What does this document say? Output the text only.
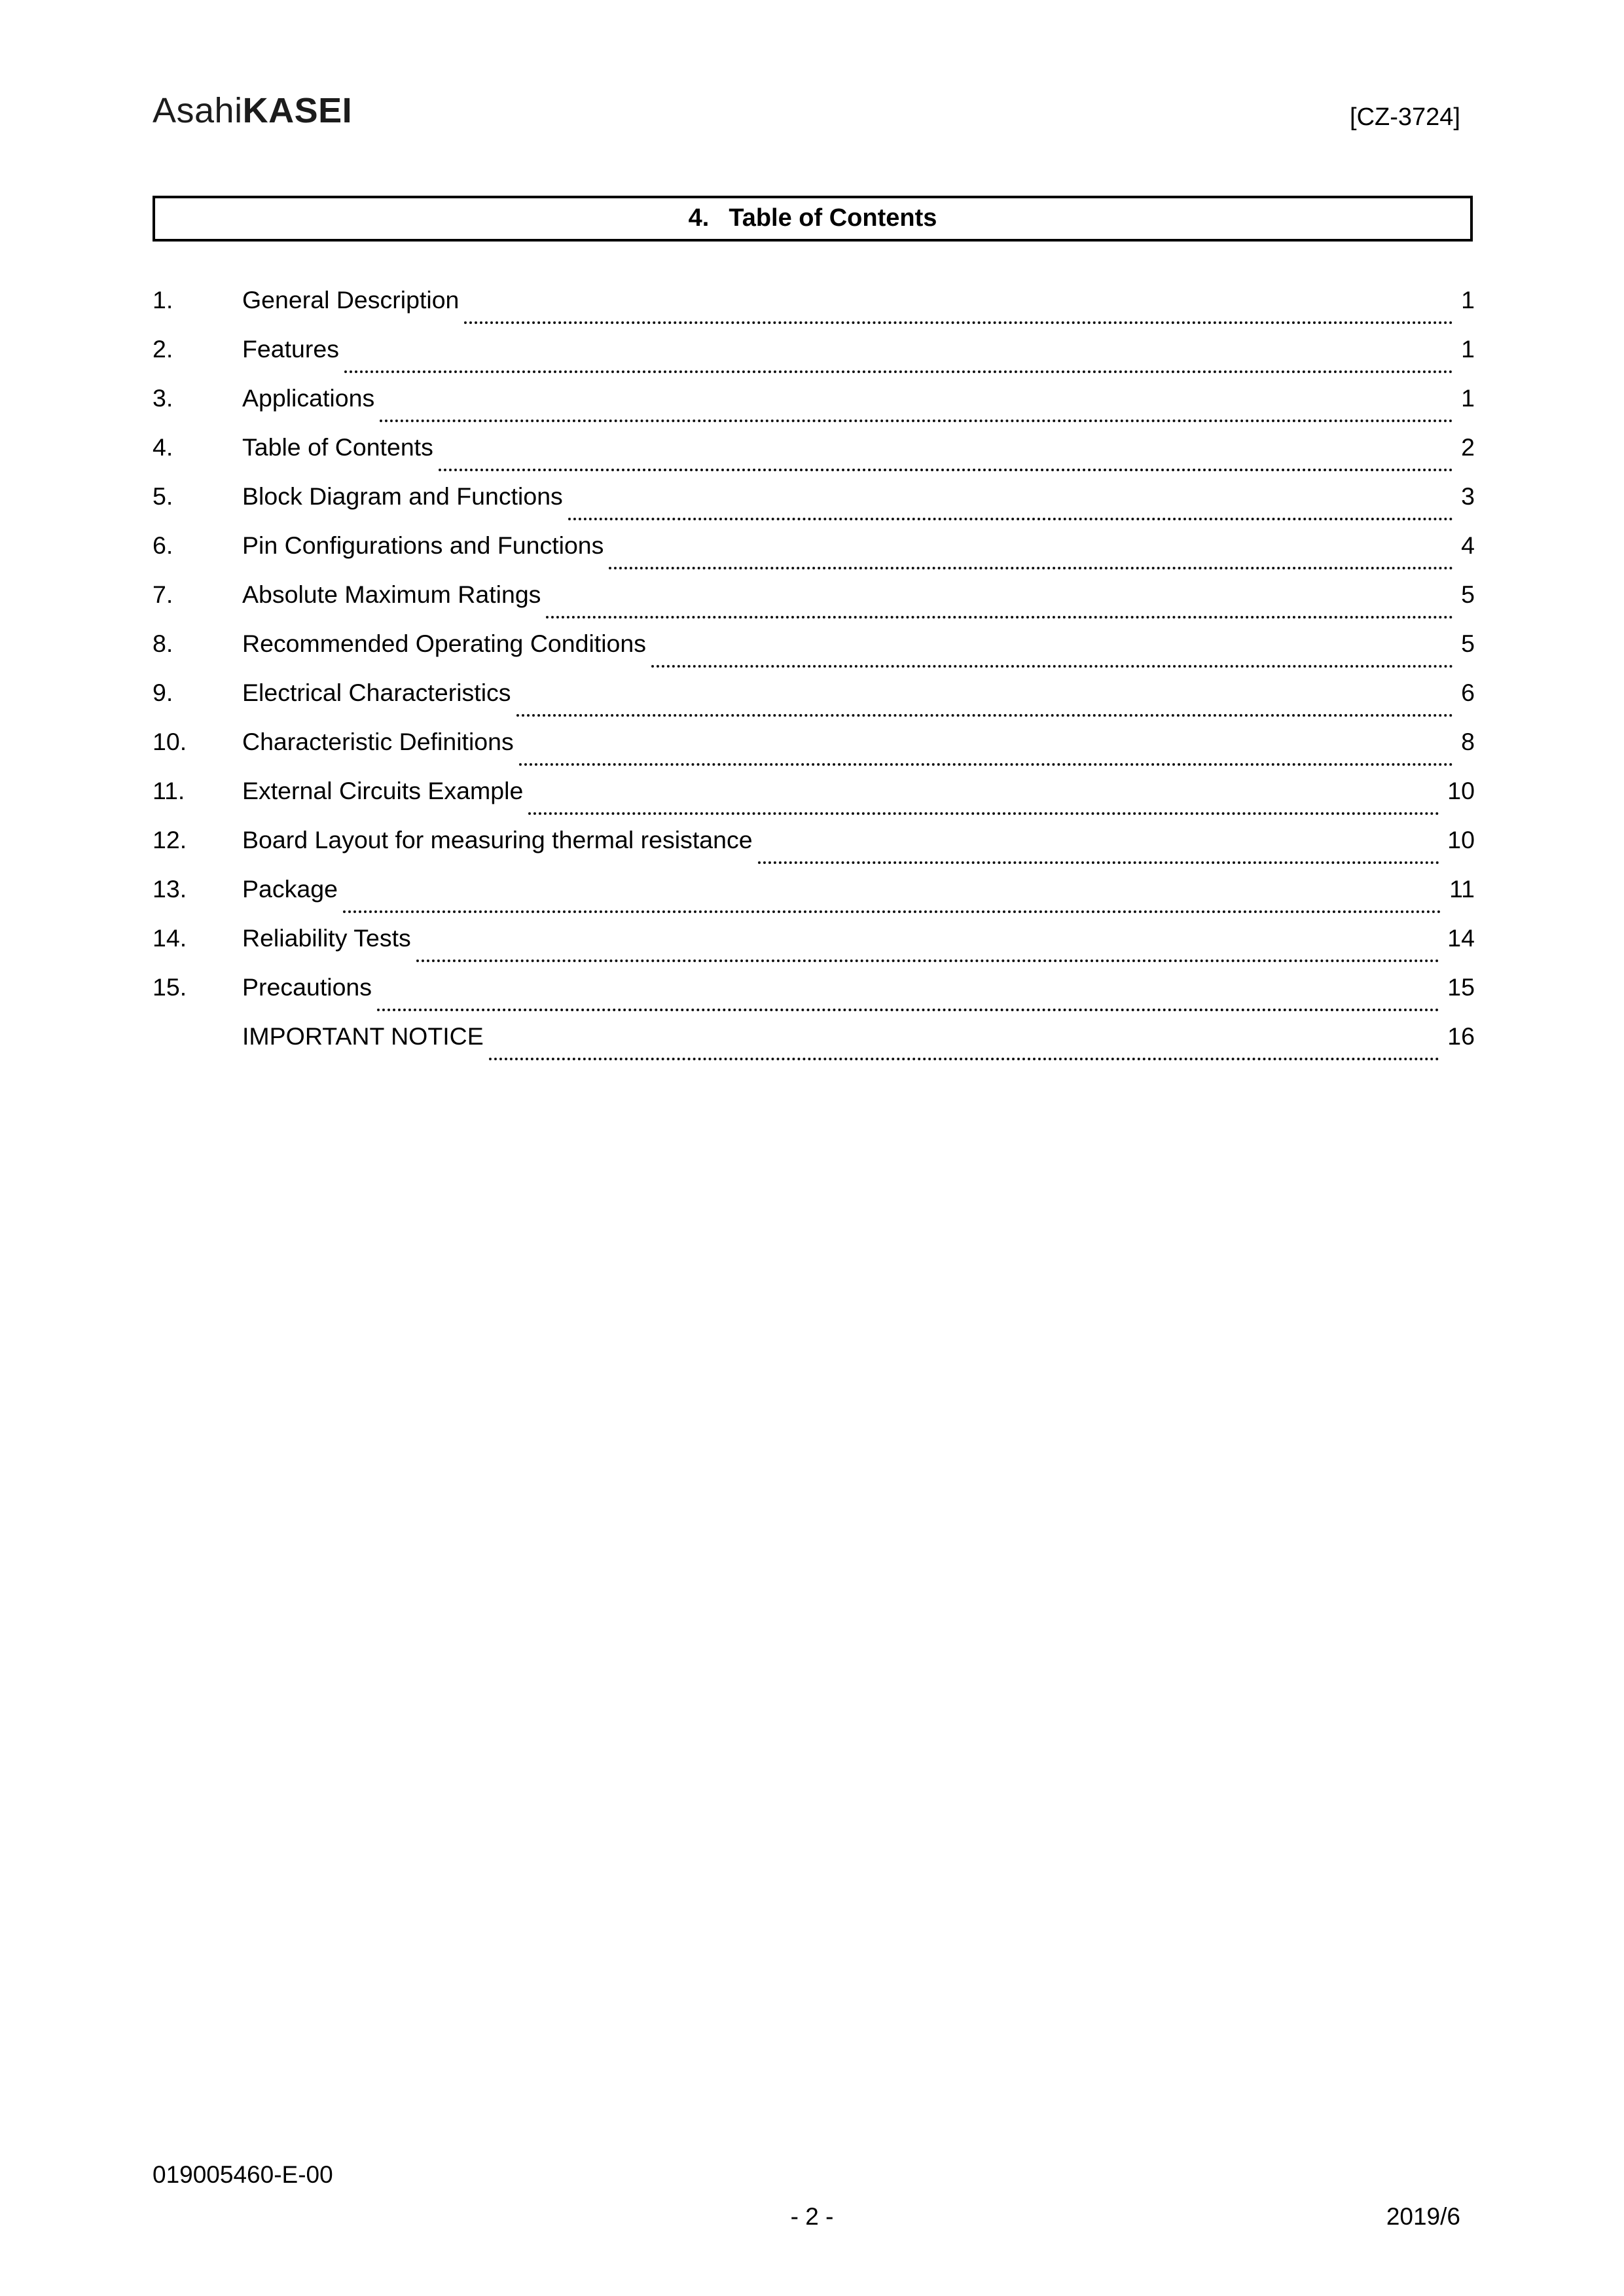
AsahiKASEI	[CZ-3724]
4. Table of Contents
1.	General Description	1
2.	Features	1
3.	Applications	1
4.	Table of Contents	2
5.	Block Diagram and Functions	3
6.	Pin Configurations and Functions	4
7.	Absolute Maximum Ratings	5
8.	Recommended Operating Conditions	5
9.	Electrical Characteristics	6
10.	Characteristic Definitions	8
11.	External Circuits Example	10
12.	Board Layout for measuring thermal resistance	10
13.	Package	11
14.	Reliability Tests	14
15.	Precautions	15
IMPORTANT NOTICE	16
019005460-E-00
- 2 -	2019/6
